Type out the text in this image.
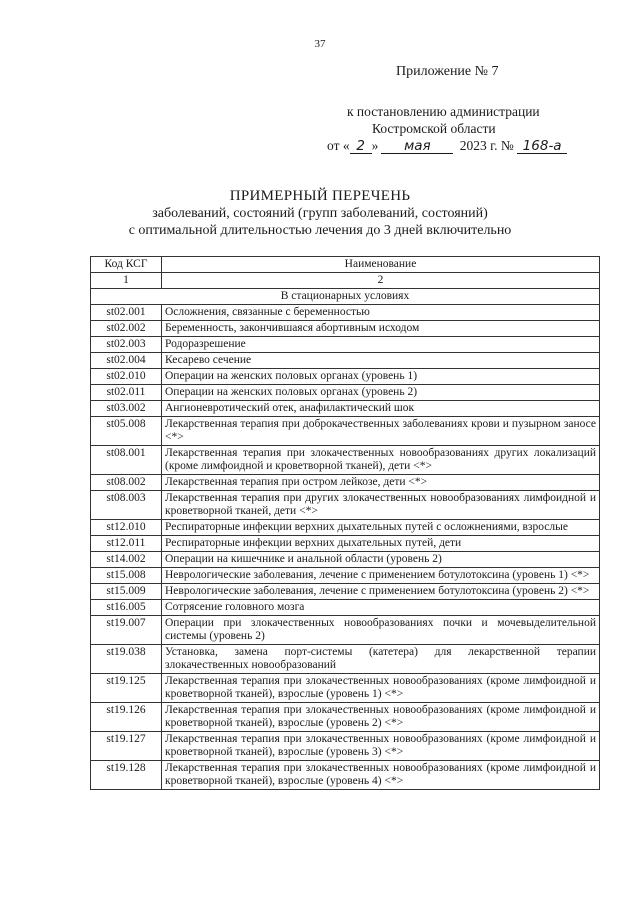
37
Приложение № 7
к постановлению администрации
Костромской области
от « 2 » мая 2023 г. № 168-а
ПРИМЕРНЫЙ ПЕРЕЧЕНЬ
заболеваний, состояний (групп заболеваний, состояний)
с оптимальной длительностью лечения до 3 дней включительно
Код КСГ	Наименование
1	2
В стационарных условиях	
st02.001	Осложнения, связанные с беременностью
st02.002	Беременность, закончившаяся абортивным исходом
st02.003	Родоразрешение
st02.004	Кесарево сечение
st02.010	Операции на женских половых органах (уровень 1)
st02.011	Операции на женских половых органах (уровень 2)
st03.002	Ангионевротический отек, анафилактический шок
st05.008	Лекарственная терапия при доброкачественных заболеваниях крови и пузырном заносе <*>
st08.001	Лекарственная терапия при злокачественных новообразованиях других локализаций (кроме лимфоидной и кроветворной тканей), дети <*>
st08.002	Лекарственная терапия при остром лейкозе, дети <*>
st08.003	Лекарственная терапия при других злокачественных новообразованиях лимфоидной и кроветворной тканей, дети <*>
st12.010	Респираторные инфекции верхних дыхательных путей с осложнениями, взрослые
st12.011	Респираторные инфекции верхних дыхательных путей, дети
st14.002	Операции на кишечнике и анальной области (уровень 2)
st15.008	Неврологические заболевания, лечение с применением ботулотоксина (уровень 1) <*>
st15.009	Неврологические заболевания, лечение с применением ботулотоксина (уровень 2) <*>
st16.005	Сотрясение головного мозга
st19.007	Операции при злокачественных новообразованиях почки и мочевыделительной системы (уровень 2)
st19.038	Установка, замена порт-системы (катетера) для лекарственной терапии злокачественных новообразований
st19.125	Лекарственная терапия при злокачественных новообразованиях (кроме лимфоидной и кроветворной тканей), взрослые (уровень 1) <*>
st19.126	Лекарственная терапия при злокачественных новообразованиях (кроме лимфоидной и кроветворной тканей), взрослые (уровень 2) <*>
st19.127	Лекарственная терапия при злокачественных новообразованиях (кроме лимфоидной и кроветворной тканей), взрослые (уровень 3) <*>
st19.128	Лекарственная терапия при злокачественных новообразованиях (кроме лимфоидной и кроветворной тканей), взрослые (уровень 4) <*>
